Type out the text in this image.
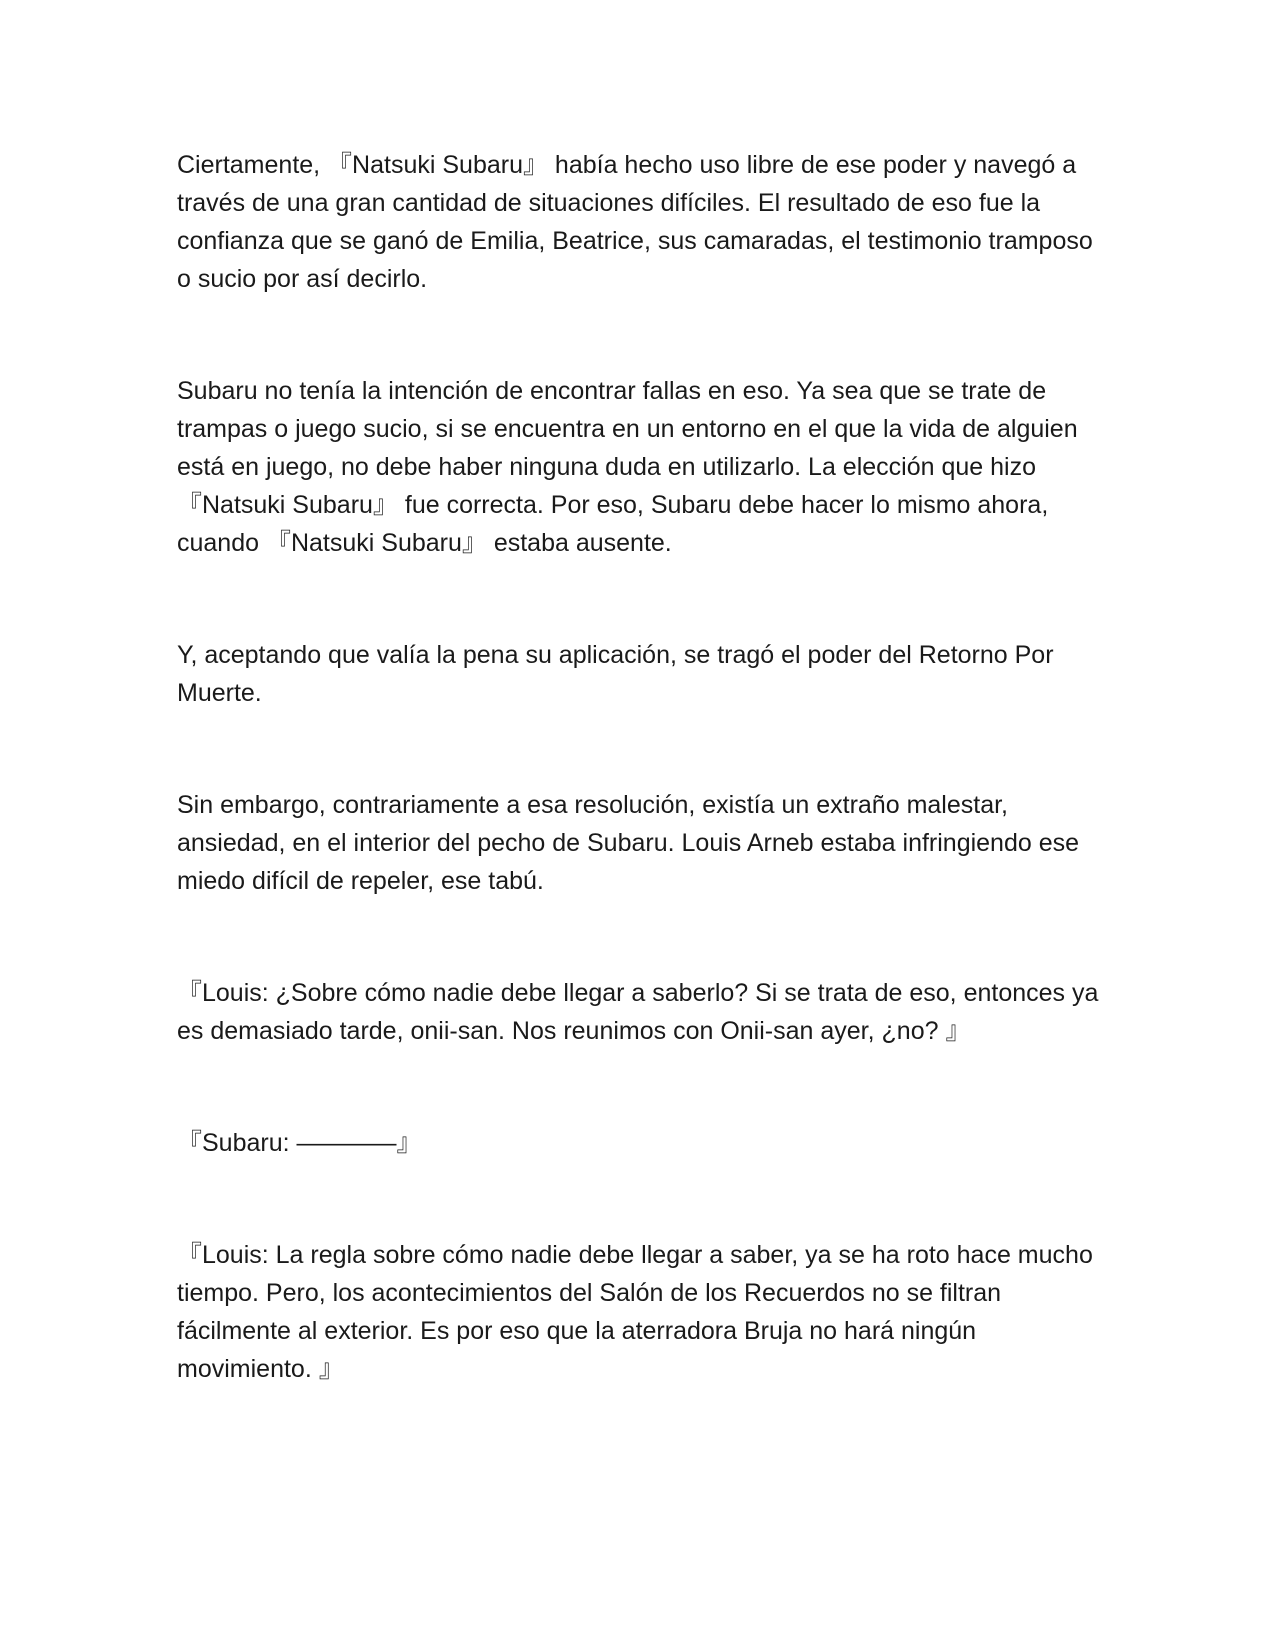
Ciertamente, 『Natsuki Subaru』 había hecho uso libre de ese poder y navegó a través de una gran cantidad de situaciones difíciles. El resultado de eso fue la confianza que se ganó de Emilia, Beatrice, sus camaradas, el testimonio tramposo o sucio por así decirlo.

Subaru no tenía la intención de encontrar fallas en eso. Ya sea que se trate de trampas o juego sucio, si se encuentra en un entorno en el que la vida de alguien está en juego, no debe haber ninguna duda en utilizarlo. La elección que hizo 『Natsuki Subaru』 fue correcta. Por eso, Subaru debe hacer lo mismo ahora, cuando 『Natsuki Subaru』 estaba ausente.

Y, aceptando que valía la pena su aplicación, se tragó el poder del Retorno Por Muerte.

Sin embargo, contrariamente a esa resolución, existía un extraño malestar, ansiedad, en el interior del pecho de Subaru. Louis Arneb estaba infringiendo ese miedo difícil de repeler, ese tabú.

『Louis: ¿Sobre cómo nadie debe llegar a saberlo? Si se trata de eso, entonces ya es demasiado tarde, onii-san. Nos reunimos con Onii-san ayer, ¿no? 』

『Subaru: ————』

『Louis: La regla sobre cómo nadie debe llegar a saber, ya se ha roto hace mucho tiempo. Pero, los acontecimientos del Salón de los Recuerdos no se filtran fácilmente al exterior. Es por eso que la aterradora Bruja no hará ningún movimiento. 』
